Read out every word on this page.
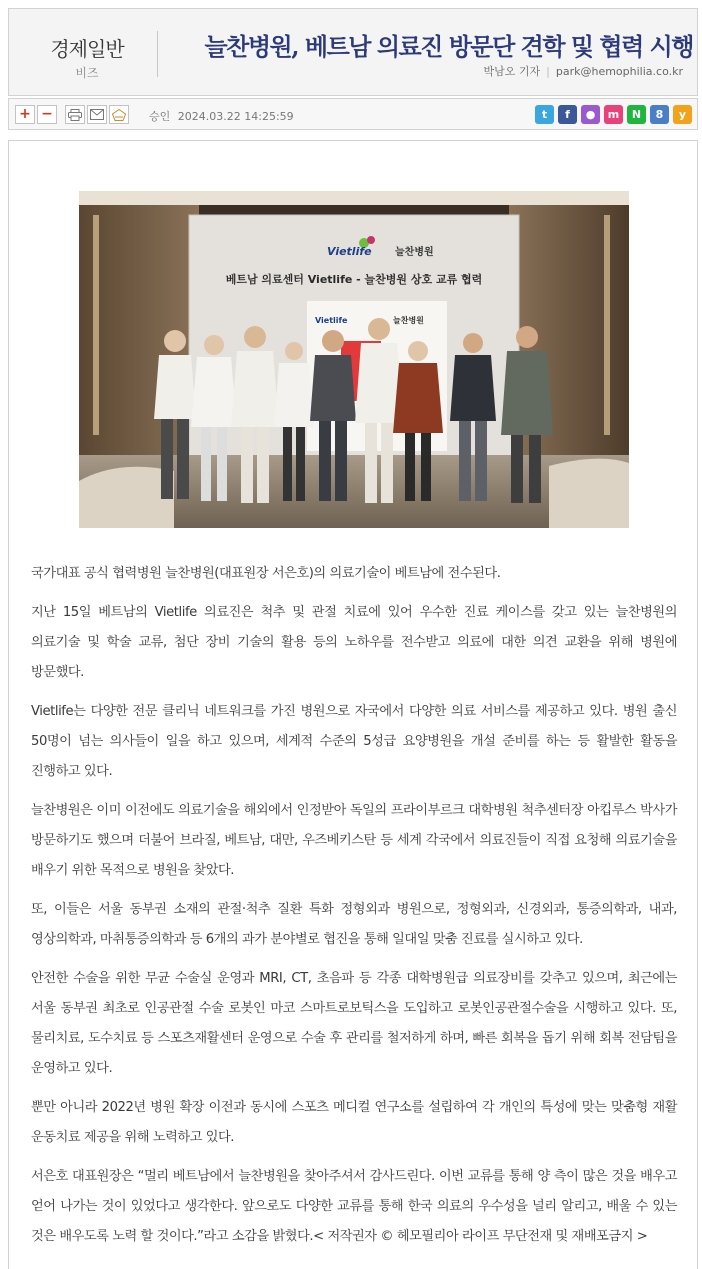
경제일반
비즈
늘찬병원, 베트남 의료진 방문단 견학 및 협력 시행
박남오 기자 | park@hemophilia.co.kr
+ −	승인 2024.03.22 14:25:59	t	f	●	m	N	8	y
Vietlife 늘찬병원
베트남 의료센터 Vietlife - 늘찬병원 상호 교류 협력
Vietlife	늘찬병원

국가대표 공식 협력병원 늘찬병원(대표원장 서은호)의 의료기술이 베트남에 전수된다.

지난 15일 베트남의 Vietlife 의료진은 척추 및 관절 치료에 있어 우수한 진료 케이스를 갖고 있는 늘찬병원의 의료기술 및 학술 교류, 첨단 장비 기술의 활용 등의 노하우를 전수받고 의료에 대한 의견 교환을 위해 병원에 방문했다.

Vietlife는 다양한 전문 클리닉 네트워크를 가진 병원으로 자국에서 다양한 의료 서비스를 제공하고 있다. 병원 출신 50명이 넘는 의사들이 일을 하고 있으며, 세계적 수준의 5성급 요양병원을 개설 준비를 하는 등 활발한 활동을 진행하고 있다.

늘찬병원은 이미 이전에도 의료기술을 해외에서 인정받아 독일의 프라이부르크 대학병원 척추센터장 아킵루스 박사가 방문하기도 했으며 더불어 브라질, 베트남, 대만, 우즈베키스탄 등 세계 각국에서 의료진들이 직접 요청해 의료기술을 배우기 위한 목적으로 병원을 찾았다.

또, 이들은 서울 동부권 소재의 관절·척추 질환 특화 정형외과 병원으로, 정형외과, 신경외과, 통증의학과, 내과, 영상의학과, 마취통증의학과 등 6개의 과가 분야별로 협진을 통해 일대일 맞춤 진료를 실시하고 있다.

안전한 수술을 위한 무균 수술실 운영과 MRI, CT, 초음파 등 각종 대학병원급 의료장비를 갖추고 있으며, 최근에는 서울 동부권 최초로 인공관절 수술 로봇인 마코 스마트로보틱스을 도입하고 로봇인공관절수술을 시행하고 있다. 또, 물리치료, 도수치료 등 스포츠재활센터 운영으로 수술 후 관리를 철저하게 하며, 빠른 회복을 돕기 위해 회복 전담팀을 운영하고 있다.

뿐만 아니라 2022년 병원 확장 이전과 동시에 스포츠 메디컬 연구소를 설립하여 각 개인의 특성에 맞는 맞춤형 재활 운동치료 제공을 위해 노력하고 있다.

서은호 대표원장은 “멀리 베트남에서 늘찬병원을 찾아주셔서 감사드린다. 이번 교류를 통해 양 측이 많은 것을 배우고 얻어 나가는 것이 있었다고 생각한다. 앞으로도 다양한 교류를 통해 한국 의료의 우수성을 널리 알리고, 배울 수 있는 것은 배우도록 노력 할 것이다.”라고 소감을 밝혔다.< 저작권자 © 헤모필리아 라이프 무단전재 및 재배포금지 >
